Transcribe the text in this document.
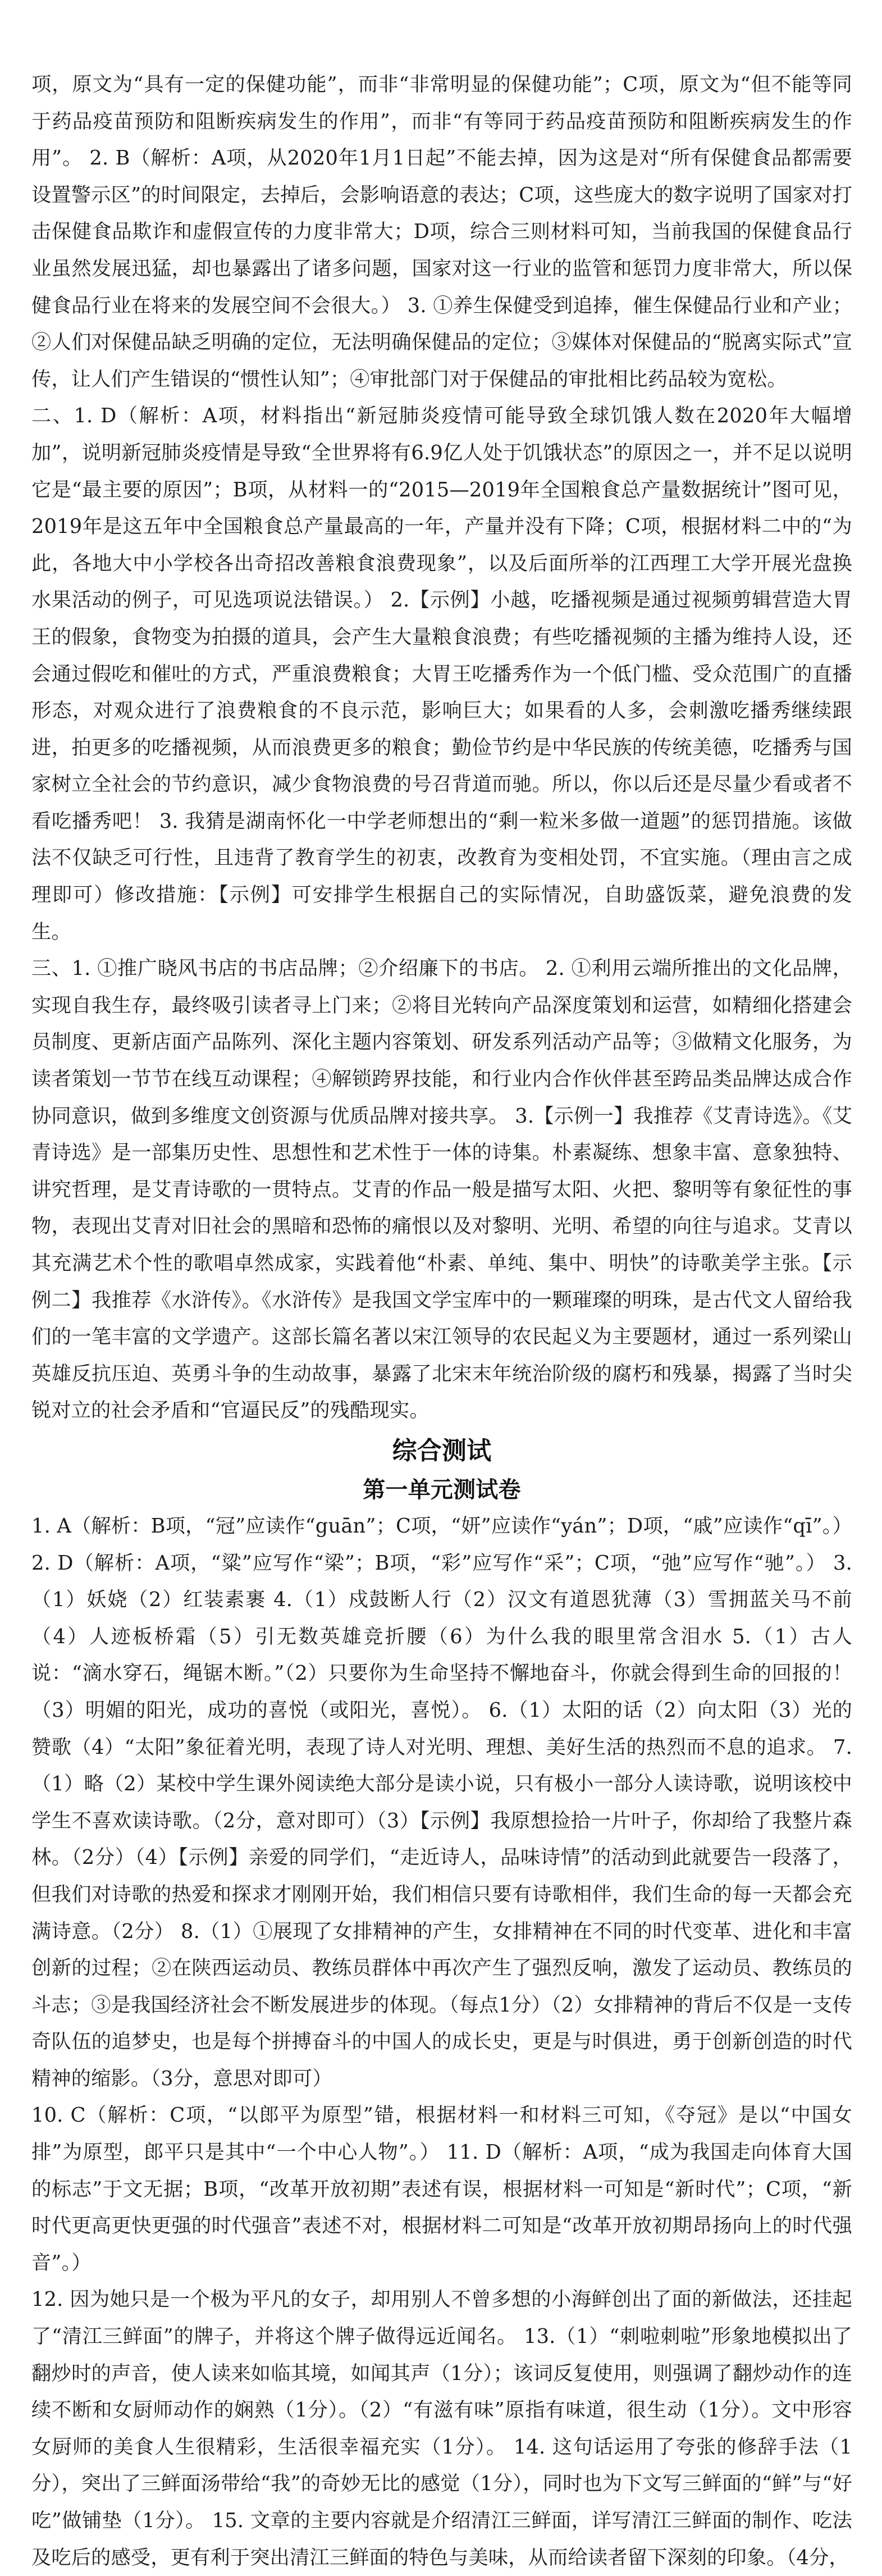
项，原文为“具有一定的保健功能”，而非“非常明显的保健功能”；C项，原文为“但不能等同于药品疫苗预防和阻断疾病发生的作用”，而非“有等同于药品疫苗预防和阻断疾病发生的作用”。 2. B（解析：A项，从2020年1月1日起”不能去掉，因为这是对“所有保健食品都需要设置警示区”的时间限定，去掉后，会影响语意的表达；C项，这些庞大的数字说明了国家对打击保健食品欺诈和虚假宣传的力度非常大；D项，综合三则材料可知，当前我国的保健食品行业虽然发展迅猛，却也暴露出了诸多问题，国家对这一行业的监管和惩罚力度非常大，所以保健食品行业在将来的发展空间不会很大。） 3. ①养生保健受到追捧，催生保健品行业和产业；②人们对保健品缺乏明确的定位，无法明确保健品的定位；③媒体对保健品的“脱离实际式”宣传，让人们产生错误的“惯性认知”；④审批部门对于保健品的审批相比药品较为宽松。

二、1. D（解析：A项，材料指出“新冠肺炎疫情可能导致全球饥饿人数在2020年大幅增加”，说明新冠肺炎疫情是导致“全世界将有6.9亿人处于饥饿状态”的原因之一，并不足以说明它是“最主要的原因”；B项，从材料一的“2015—2019年全国粮食总产量数据统计”图可见，2019年是这五年中全国粮食总产量最高的一年，产量并没有下降；C项，根据材料二中的“为此，各地大中小学校各出奇招改善粮食浪费现象”，以及后面所举的江西理工大学开展光盘换水果活动的例子，可见选项说法错误。） 2.【示例】小越，吃播视频是通过视频剪辑营造大胃王的假象，食物变为拍摄的道具，会产生大量粮食浪费；有些吃播视频的主播为维持人设，还会通过假吃和催吐的方式，严重浪费粮食；大胃王吃播秀作为一个低门槛、受众范围广的直播形态，对观众进行了浪费粮食的不良示范，影响巨大；如果看的人多，会刺激吃播秀继续跟进，拍更多的吃播视频，从而浪费更多的粮食；勤俭节约是中华民族的传统美德，吃播秀与国家树立全社会的节约意识，减少食物浪费的号召背道而驰。所以，你以后还是尽量少看或者不看吃播秀吧！ 3. 我猜是湖南怀化一中学老师想出的“剩一粒米多做一道题”的惩罚措施。该做法不仅缺乏可行性，且违背了教育学生的初衷，改教育为变相处罚，不宜实施。（理由言之成理即可）修改措施：【示例】可安排学生根据自己的实际情况，自助盛饭菜，避免浪费的发生。

三、1. ①推广晓风书店的书店品牌；②介绍廉下的书店。 2. ①利用云端所推出的文化品牌，实现自我生存，最终吸引读者寻上门来；②将目光转向产品深度策划和运营，如精细化搭建会员制度、更新店面产品陈列、深化主题内容策划、研发系列活动产品等；③做精文化服务，为读者策划一节节在线互动课程；④解锁跨界技能，和行业内合作伙伴甚至跨品类品牌达成合作协同意识，做到多维度文创资源与优质品牌对接共享。 3.【示例一】我推荐《艾青诗选》。《艾青诗选》是一部集历史性、思想性和艺术性于一体的诗集。朴素凝练、想象丰富、意象独特、讲究哲理，是艾青诗歌的一贯特点。艾青的作品一般是描写太阳、火把、黎明等有象征性的事物，表现出艾青对旧社会的黑暗和恐怖的痛恨以及对黎明、光明、希望的向往与追求。艾青以其充满艺术个性的歌唱卓然成家，实践着他“朴素、单纯、集中、明快”的诗歌美学主张。【示例二】我推荐《水浒传》。《水浒传》是我国文学宝库中的一颗璀璨的明珠，是古代文人留给我们的一笔丰富的文学遗产。这部长篇名著以宋江领导的农民起义为主要题材，通过一系列梁山英雄反抗压迫、英勇斗争的生动故事，暴露了北宋末年统治阶级的腐朽和残暴，揭露了当时尖锐对立的社会矛盾和“官逼民反”的残酷现实。

综合测试
第一单元测试卷

1. A（解析：B项，“冠”应读作“guān”；C项，“妍”应读作“yán”；D项，“戚”应读作“qī”。） 2. D（解析：A项，“粱”应写作“梁”；B项，“彩”应写作“采”；C项，“弛”应写作“驰”。） 3.（1）妖娆（2）红装素裹 4.（1）戍鼓断人行（2）汉文有道恩犹薄（3）雪拥蓝关马不前（4）人迹板桥霜（5）引无数英雄竞折腰（6）为什么我的眼里常含泪水 5.（1）古人说：“滴水穿石，绳锯木断。”（2）只要你为生命坚持不懈地奋斗，你就会得到生命的回报的！（3）明媚的阳光，成功的喜悦（或阳光，喜悦）。 6.（1）太阳的话（2）向太阳（3）光的赞歌（4）“太阳”象征着光明，表现了诗人对光明、理想、美好生活的热烈而不息的追求。 7.（1）略（2）某校中学生课外阅读绝大部分是读小说，只有极小一部分人读诗歌，说明该校中学生不喜欢读诗歌。（2分，意对即可）（3）【示例】我原想捡拾一片叶子，你却给了我整片森林。（2分）（4）【示例】亲爱的同学们，“走近诗人，品味诗情”的活动到此就要告一段落了，但我们对诗歌的热爱和探求才刚刚开始，我们相信只要有诗歌相伴，我们生命的每一天都会充满诗意。（2分） 8.（1）①展现了女排精神的产生，女排精神在不同的时代变革、进化和丰富创新的过程；②在陕西运动员、教练员群体中再次产生了强烈反响，激发了运动员、教练员的斗志；③是我国经济社会不断发展进步的体现。（每点1分）（2）女排精神的背后不仅是一支传奇队伍的追梦史，也是每个拼搏奋斗的中国人的成长史，更是与时俱进，勇于创新创造的时代精神的缩影。（3分，意思对即可）

10. C（解析：C项，“以郎平为原型”错，根据材料一和材料三可知，《夺冠》是以“中国女排”为原型，郎平只是其中“一个中心人物”。） 11. D（解析：A项，“成为我国走向体育大国的标志”于文无据；B项，“改革开放初期”表述有误，根据材料一可知是“新时代”；C项，“新时代更高更快更强的时代强音”表述不对，根据材料二可知是“改革开放初期昂扬向上的时代强音”。）

12. 因为她只是一个极为平凡的女子，却用别人不曾多想的小海鲜创出了面的新做法，还挂起了“清江三鲜面”的牌子，并将这个牌子做得远近闻名。 13.（1）“刺啦刺啦”形象地模拟出了翻炒时的声音，使人读来如临其境，如闻其声（1分）；该词反复使用，则强调了翻炒动作的连续不断和女厨师动作的娴熟（1分）。（2）“有滋有味”原指有味道，很生动（1分）。文中形容女厨师的美食人生很精彩，生活很幸福充实（1分）。 14. 这句话运用了夸张的修辞手法（1分），突出了三鲜面汤带给“我”的奇妙无比的感觉（1分），同时也为下文写三鲜面的“鲜”与“好吃”做铺垫（1分）。 15. 文章的主要内容就是介绍清江三鲜面，详写清江三鲜面的制作、吃法及吃后的感受，更有利于突出清江三鲜面的特色与美味，从而给读者留下深刻的印象。（4分，
